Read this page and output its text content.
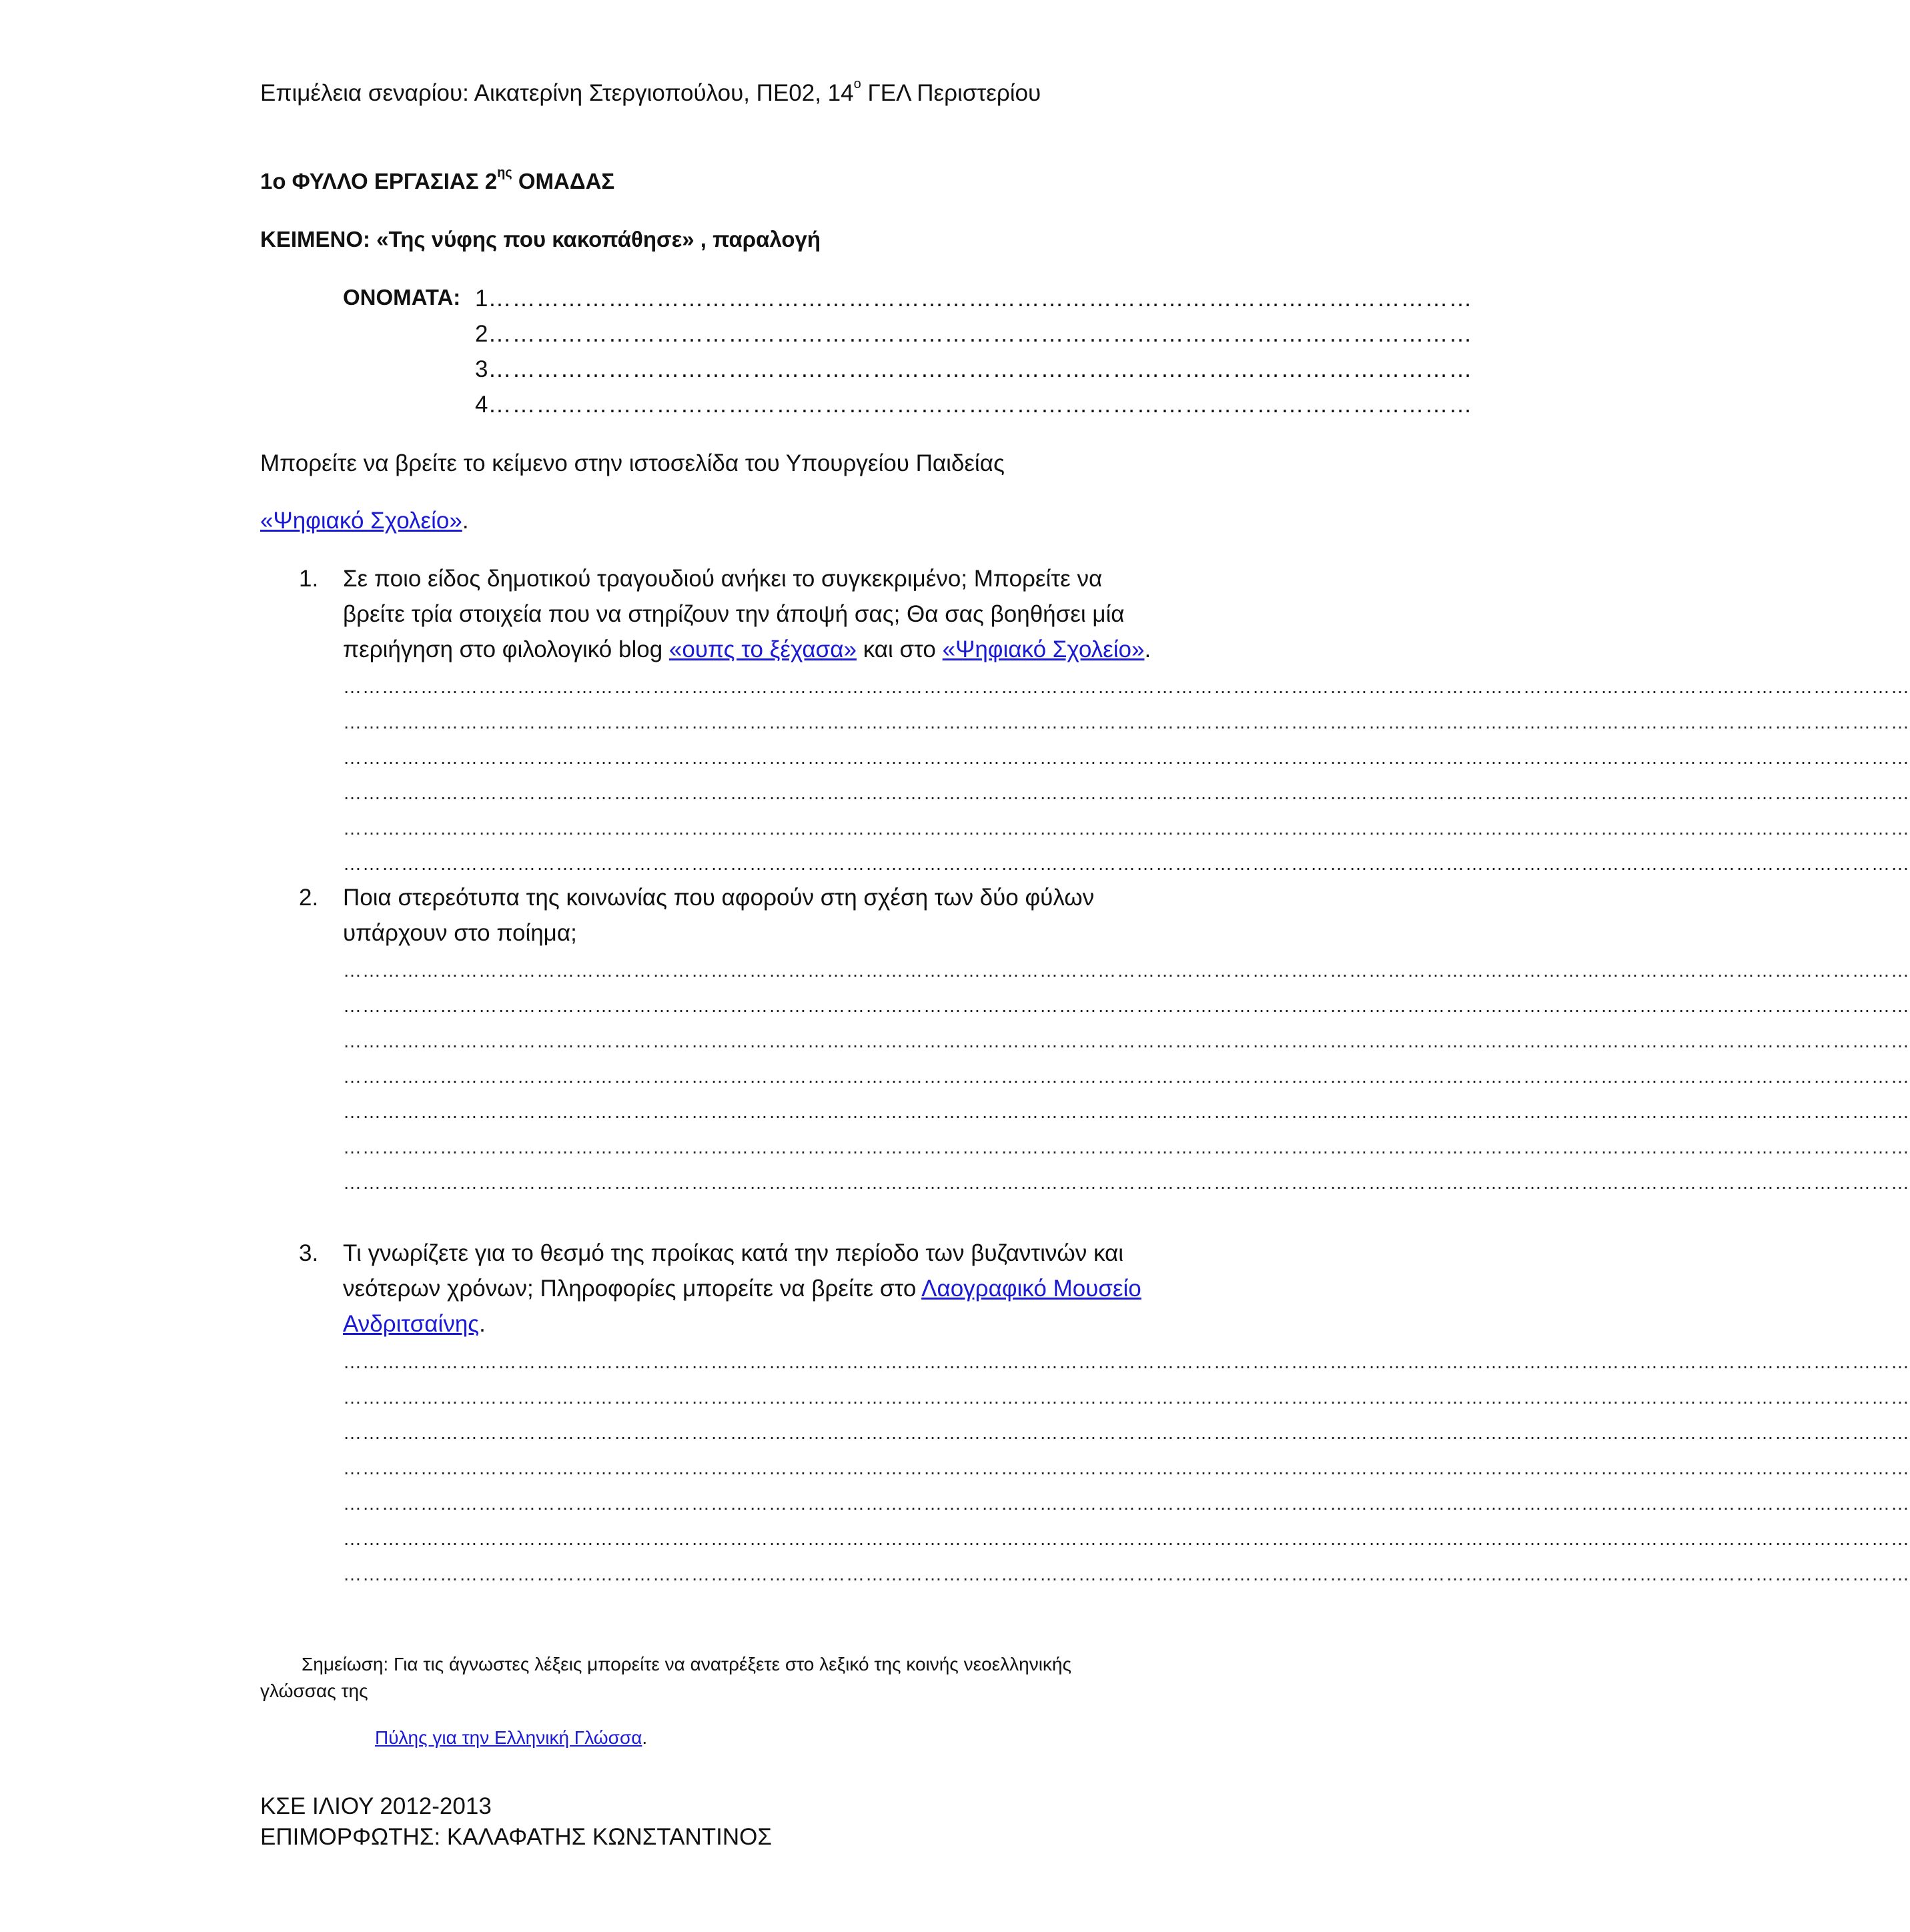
Επιμέλεια σεναρίου: Αικατερίνη Στεργιοπούλου, ΠΕ02, $14^o$ ΓΕΛ Περιστερίου
1ο ΦΥΛΛΟ ΕΡΓΑΣΙΑΣ $2^{\eta\varsigma}$ ΟΜΑΔΑΣ
ΚΕΙΜΕΝΟ: «Της νύφης που κακοπάθησε» , παραλογή
ΟΝΟΜΑΤΑ: 1……………………………………………………………………………………………………………
2……………………………………………………………………………………………………………
3……………………………………………………………………………………………………………
4……………………………………………………………………………………………………………
Μπορείτε να βρείτε το κείμενο στην ιστοσελίδα του Υπουργείου Παιδείας
«Ψηφιακό Σχολείο».
1. Σε ποιο είδος δημοτικού τραγουδιού ανήκει το συγκεκριμένο; Μπορείτε να
βρείτε τρία στοιχεία που να στηρίζουν την άποψή σας; Θα σας βοηθήσει μία
περιήγηση στο φιλολογικό blog «ουπς το ξέχασα» και στο «Ψηφιακό Σχολείο».
………………………………………………………………………………………………………………………………………………………………………………………………………………………
………………………………………………………………………………………………………………………………………………………………………………………………………………………
………………………………………………………………………………………………………………………………………………………………………………………………………………………
………………………………………………………………………………………………………………………………………………………………………………………………………………………
………………………………………………………………………………………………………………………………………………………………………………………………………………………
………………………………………………………………………………………………………………………………………………………………………………………………………………………
2. Ποια στερεότυπα της κοινωνίας που αφορούν στη σχέση των δύο φύλων
υπάρχουν στο ποίημα;
………………………………………………………………………………………………………………………………………………………………………………………………………………………
………………………………………………………………………………………………………………………………………………………………………………………………………………………
………………………………………………………………………………………………………………………………………………………………………………………………………………………
………………………………………………………………………………………………………………………………………………………………………………………………………………………
………………………………………………………………………………………………………………………………………………………………………………………………………………………
………………………………………………………………………………………………………………………………………………………………………………………………………………………
………………………………………………………………………………………………………………………………………………………………………………………………………………………
3. Τι γνωρίζετε για το θεσμό της προίκας κατά την περίοδο των βυζαντινών και
νεότερων χρόνων; Πληροφορίες μπορείτε να βρείτε στο Λαογραφικό Μουσείο
Ανδριτσαίνης.
………………………………………………………………………………………………………………………………………………………………………………………………………………………
………………………………………………………………………………………………………………………………………………………………………………………………………………………
………………………………………………………………………………………………………………………………………………………………………………………………………………………
………………………………………………………………………………………………………………………………………………………………………………………………………………………
………………………………………………………………………………………………………………………………………………………………………………………………………………………
………………………………………………………………………………………………………………………………………………………………………………………………………………………
………………………………………………………………………………………………………………………………………………………………………………………………………………………
Σημείωση: Για τις άγνωστες λέξεις μπορείτε να ανατρέξετε στο λεξικό της κοινής νεοελληνικής
γλώσσας της
Πύλης για την Ελληνική Γλώσσα.
ΚΣΕ ΙΛΙΟΥ 2012-2013
ΕΠΙΜΟΡΦΩΤΗΣ: ΚΑΛΑΦΑΤΗΣ ΚΩΝΣΤΑΝΤΙΝΟΣ
